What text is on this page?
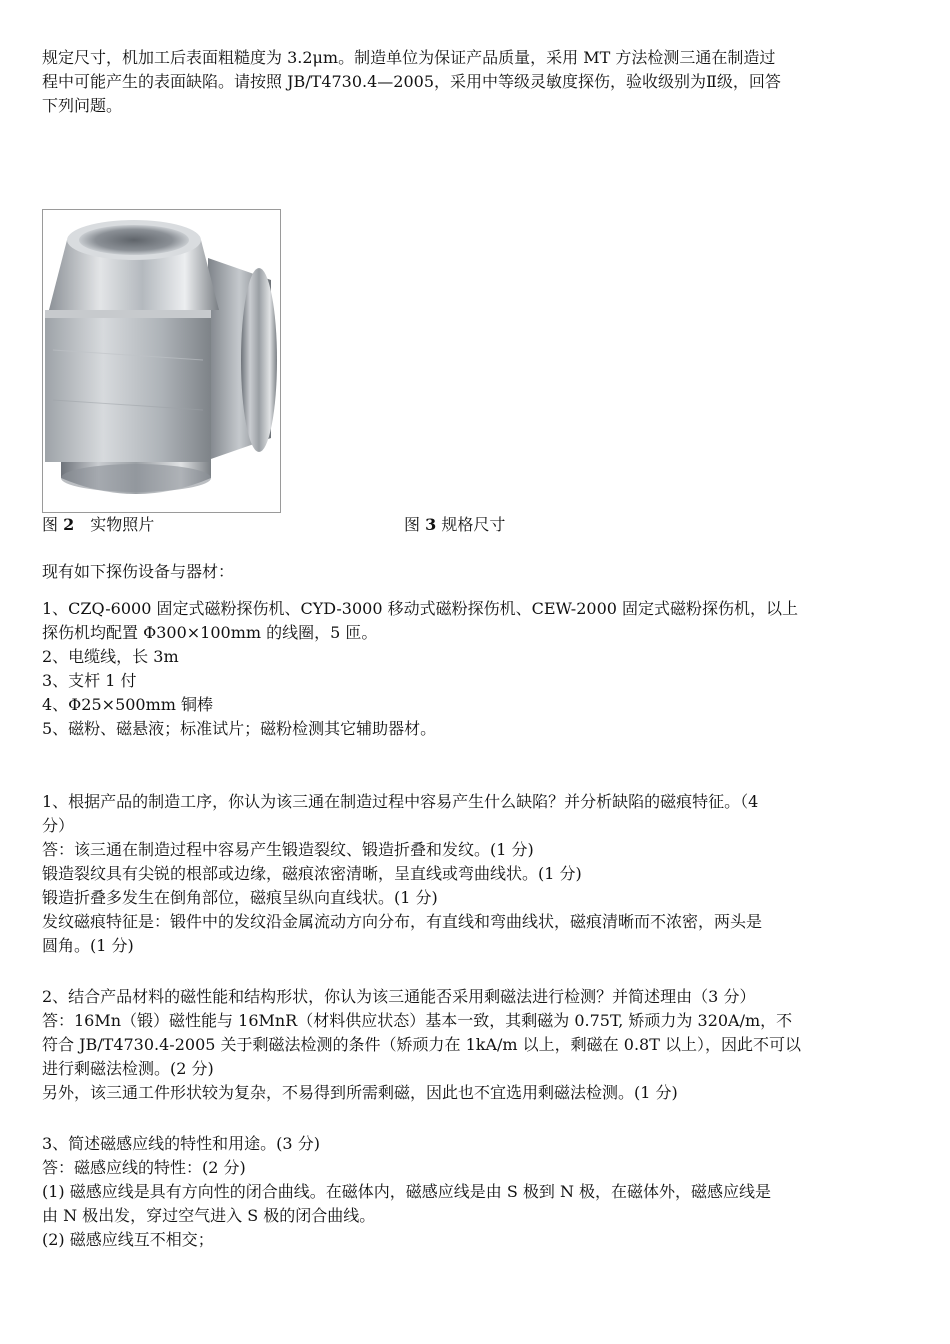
规定尺寸，机加工后表面粗糙度为 3.2μm。制造单位为保证产品质量，采用 MT 方法检测三通在制造过

程中可能产生的表面缺陷。请按照 JB/T4730.4—2005，采用中等级灵敏度探伤，验收级别为Ⅱ级，回答

下列问题。

图 2 实物照片	图 3 规格尺寸

现有如下探伤设备与器材：

1、CZQ-6000 固定式磁粉探伤机、CYD-3000 移动式磁粉探伤机、CEW-2000 固定式磁粉探伤机，以上

探伤机均配置 Φ300×100mm 的线圈，5 匝。

2、电缆线，长 3m

3、支杆 1 付

4、Φ25×500mm 铜棒

5、磁粉、磁悬液；标准试片；磁粉检测其它辅助器材。

1、根据产品的制造工序，你认为该三通在制造过程中容易产生什么缺陷？并分析缺陷的磁痕特征。（4

分）

答：该三通在制造过程中容易产生锻造裂纹、锻造折叠和发纹。(1 分)

锻造裂纹具有尖锐的根部或边缘，磁痕浓密清晰，呈直线或弯曲线状。(1 分)

锻造折叠多发生在倒角部位，磁痕呈纵向直线状。(1 分)

发纹磁痕特征是：锻件中的发纹沿金属流动方向分布，有直线和弯曲线状，磁痕清晰而不浓密，两头是

圆角。(1 分)

2、结合产品材料的磁性能和结构形状，你认为该三通能否采用剩磁法进行检测？并简述理由（3 分）

答：16Mn（锻）磁性能与 16MnR（材料供应状态）基本一致，其剩磁为 0.75T, 矫顽力为 320A/m，不

符合 JB/T4730.4-2005 关于剩磁法检测的条件（矫顽力在 1kA/m 以上，剩磁在 0.8T 以上），因此不可以

进行剩磁法检测。(2 分)

另外，该三通工件形状较为复杂，不易得到所需剩磁，因此也不宜选用剩磁法检测。(1 分)

3、简述磁感应线的特性和用途。(3 分)

答：磁感应线的特性：(2 分)

(1) 磁感应线是具有方向性的闭合曲线。在磁体内，磁感应线是由 S 极到 N 极，在磁体外，磁感应线是

由 N 极出发，穿过空气进入 S 极的闭合曲线。

(2) 磁感应线互不相交；
